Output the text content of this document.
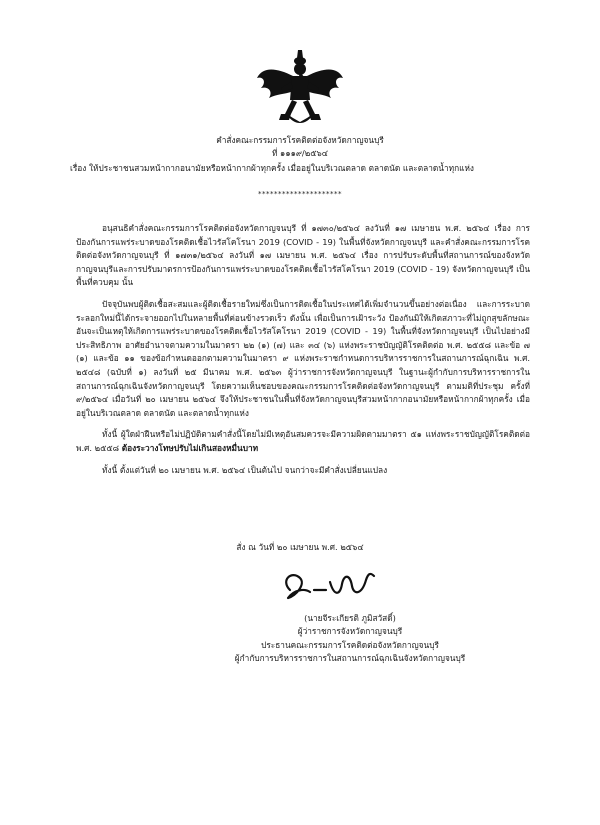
คำสั่งคณะกรรมการโรคติดต่อจังหวัดกาญจนบุรี
ที่ ๑๑๑๙/๒๕๖๔
เรื่อง ให้ประชาชนสวมหน้ากากอนามัยหรือหน้ากากผ้าทุกครั้ง เมื่ออยู่ในบริเวณตลาด ตลาดนัด และตลาดน้ำทุกแห่ง
*********************

อนุสนธิคำสั่งคณะกรรมการโรคติดต่อจังหวัดกาญจนบุรี ที่ ๑๗๓๐/๒๕๖๔ ลงวันที่ ๑๗ เมษายน พ.ศ. ๒๕๖๔ เรื่อง การป้องกันการแพร่ระบาดของโรคติดเชื้อไวรัสโคโรนา 2019 (COVID - 19) ในพื้นที่จังหวัดกาญจนบุรี และคำสั่งคณะกรรมการโรคติดต่อจังหวัดกาญจนบุรี ที่ ๑๗๓๑/๒๕๖๔ ลงวันที่ ๑๗ เมษายน พ.ศ. ๒๕๖๔ เรื่อง การปรับระดับพื้นที่สถานการณ์ของจังหวัดกาญจนบุรีและการปรับมาตรการป้องกันการแพร่ระบาดของโรคติดเชื้อไวรัสโคโรนา 2019 (COVID - 19) จังหวัดกาญจนบุรี เป็นพื้นที่ควบคุม นั้น

ปัจจุบันพบผู้ติดเชื้อสะสมและผู้ติดเชื้อรายใหม่ซึ่งเป็นการติดเชื้อในประเทศได้เพิ่มจำนวนขึ้นอย่างต่อเนื่อง และการระบาดระลอกใหม่นี้ได้กระจายออกไปในหลายพื้นที่ค่อนข้างรวดเร็ว ดังนั้น เพื่อเป็นการเฝ้าระวัง ป้องกันมิให้เกิดสภาวะที่ไม่ถูกสุขลักษณะอันจะเป็นเหตุให้เกิดการแพร่ระบาดของโรคติดเชื้อไวรัสโคโรนา 2019 (COVID - 19) ในพื้นที่จังหวัดกาญจนบุรี เป็นไปอย่างมีประสิทธิภาพ อาศัยอำนาจตามความในมาตรา ๒๒ (๑) (๗) และ ๓๔ (๖) แห่งพระราชบัญญัติโรคติดต่อ พ.ศ. ๒๕๕๘ และข้อ ๗ (๑) และข้อ ๑๑ ของข้อกำหนดออกตามความในมาตรา ๙ แห่งพระราชกำหนดการบริหารราชการในสถานการณ์ฉุกเฉิน พ.ศ. ๒๕๔๘ (ฉบับที่ ๑) ลงวันที่ ๒๕ มีนาคม พ.ศ. ๒๕๖๓ ผู้ว่าราชการจังหวัดกาญจนบุรี ในฐานะผู้กำกับการบริหารราชการในสถานการณ์ฉุกเฉินจังหวัดกาญจนบุรี โดยความเห็นชอบของคณะกรรมการโรคติดต่อจังหวัดกาญจนบุรี ตามมติที่ประชุม ครั้งที่ ๙/๒๕๖๔ เมื่อวันที่ ๒๐ เมษายน ๒๕๖๔ จึงให้ประชาชนในพื้นที่จังหวัดกาญจนบุรีสวมหน้ากากอนามัยหรือหน้ากากผ้าทุกครั้ง เมื่ออยู่ในบริเวณตลาด ตลาดนัด และตลาดน้ำทุกแห่ง

ทั้งนี้ ผู้ใดฝ่าฝืนหรือไม่ปฏิบัติตามคำสั่งนี้โดยไม่มีเหตุอันสมควรจะมีความผิดตามมาตรา ๕๑ แห่งพระราชบัญญัติโรคติดต่อ พ.ศ. ๒๕๕๘ ต้องระวางโทษปรับไม่เกินสองหมื่นบาท

ทั้งนี้ ตั้งแต่วันที่ ๒๐ เมษายน พ.ศ. ๒๕๖๔ เป็นต้นไป จนกว่าจะมีคำสั่งเปลี่ยนแปลง

สั่ง ณ วันที่ ๒๐ เมษายน พ.ศ. ๒๕๖๔
(นายจีระเกียรติ ภูมิสวัสดิ์)
ผู้ว่าราชการจังหวัดกาญจนบุรี
ประธานคณะกรรมการโรคติดต่อจังหวัดกาญจนบุรี
ผู้กำกับการบริหารราชการในสถานการณ์ฉุกเฉินจังหวัดกาญจนบุรี
